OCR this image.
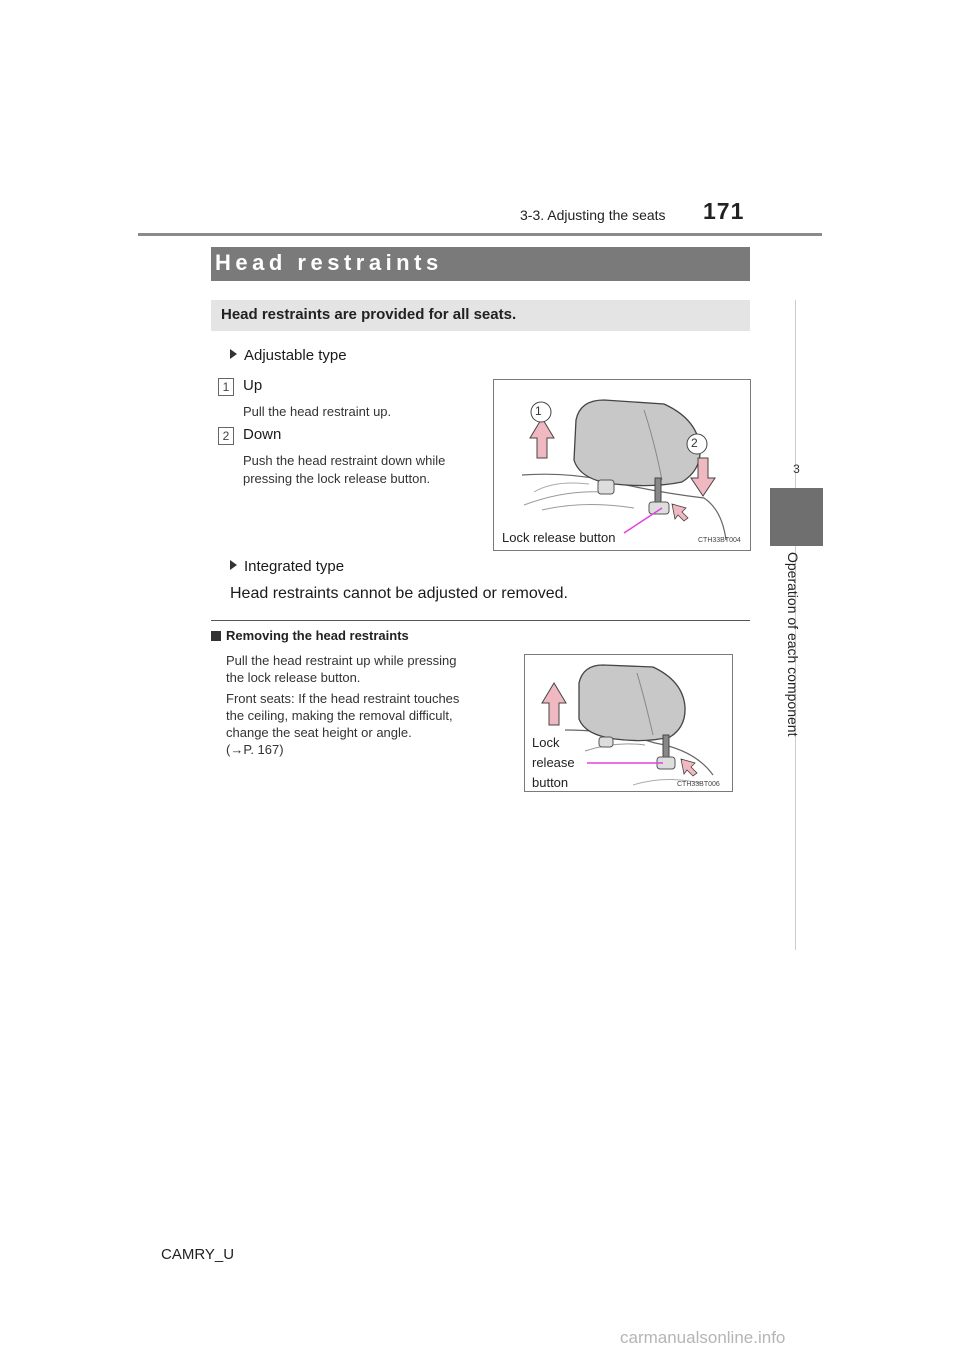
3-3. Adjusting the seats 171
3
Operation of each component
Head restraints
Head restraints are provided for all seats.
Adjustable type
1 Up
Pull the head restraint up.
2 Down
Push the head restraint down while
pressing the lock release button.
1
2
Lock release button	CTH33BT004
Integrated type
Head restraints cannot be adjusted or removed.
Removing the head restraints
Pull the head restraint up while pressing
the lock release button.
Front seats: If the head restraint touches
the ceiling, making the removal difficult,
change the seat height or angle.
(→P. 167)	Lock
release
button	CTH33BT006
CAMRY_U
carmanualsonline.info
